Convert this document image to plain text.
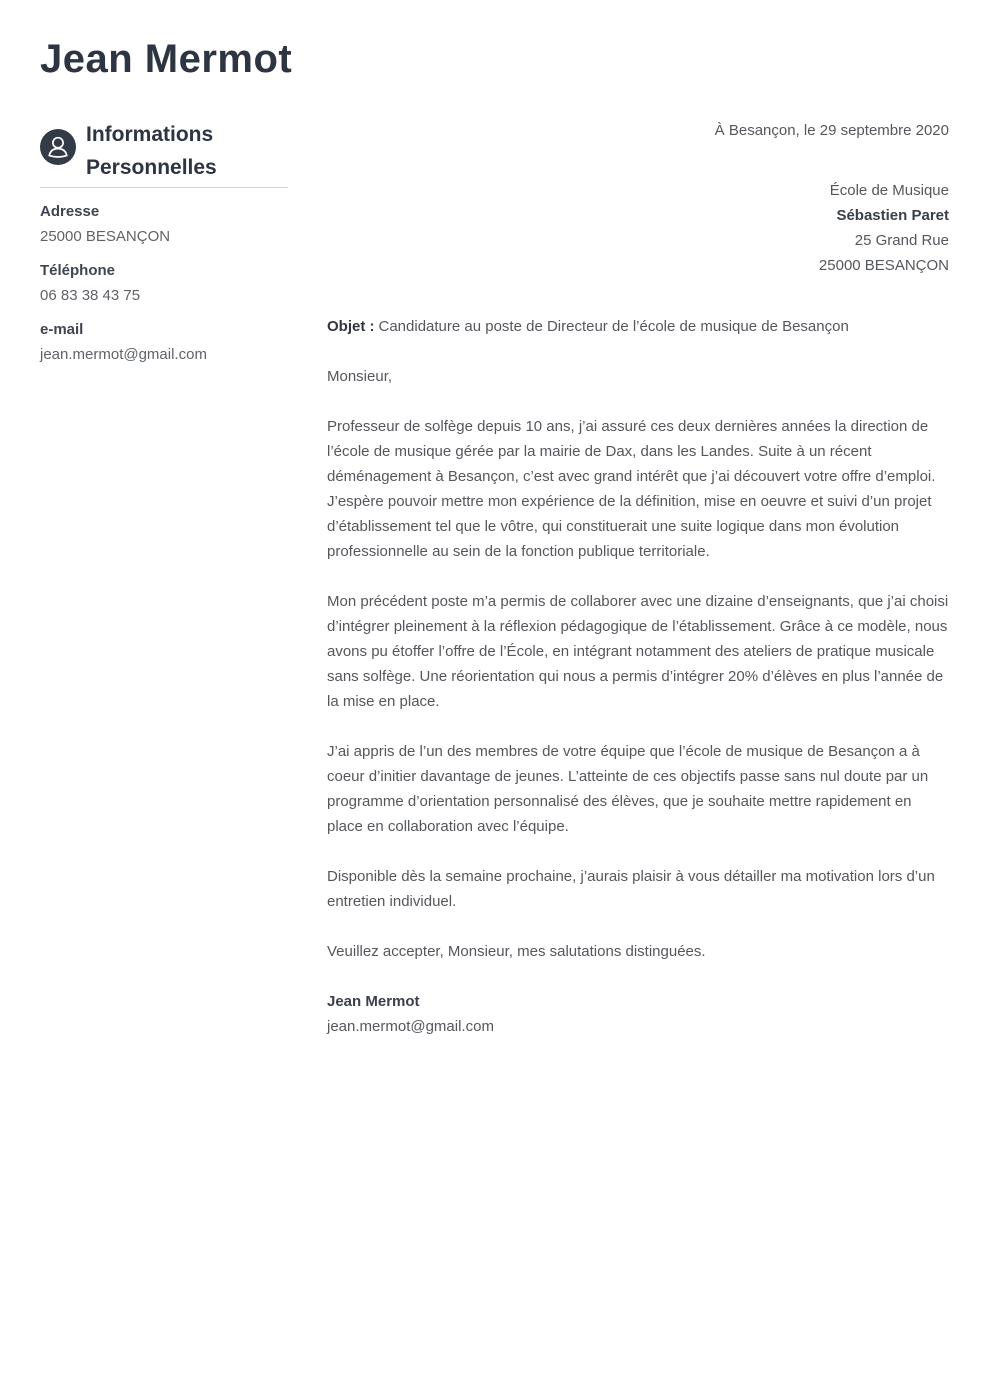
Jean Mermot
Informations Personnelles
Adresse
25000 BESANÇON
Téléphone
06 83 38 43 75
e-mail
jean.mermot@gmail.com
À Besançon, le 29 septembre 2020
École de Musique
Sébastien Paret
25 Grand Rue
25000 BESANÇON
Objet : Candidature au poste de Directeur de l’école de musique de Besançon
Monsieur,

Professeur de solfège depuis 10 ans, j’ai assuré ces deux dernières années la direction de l’école de musique gérée par la mairie de Dax, dans les Landes. Suite à un récent déménagement à Besançon, c’est avec grand intérêt que j’ai découvert votre offre d’emploi. J’espère pouvoir mettre mon expérience de la définition, mise en oeuvre et suivi d’un projet d’établissement tel que le vôtre, qui constituerait une suite logique dans mon évolution professionnelle au sein de la fonction publique territoriale.

Mon précédent poste m’a permis de collaborer avec une dizaine d’enseignants, que j’ai choisi d’intégrer pleinement à la réflexion pédagogique de l’établissement. Grâce à ce modèle, nous avons pu étoffer l’offre de l’École, en intégrant notamment des ateliers de pratique musicale sans solfège. Une réorientation qui nous a permis d’intégrer 20% d’élèves en plus l’année de la mise en place.

J’ai appris de l’un des membres de votre équipe que l’école de musique de Besançon a à coeur d’initier davantage de jeunes. L’atteinte de ces objectifs passe sans nul doute par un programme d’orientation personnalisé des élèves, que je souhaite mettre rapidement en place en collaboration avec l’équipe.

Disponible dès la semaine prochaine, j’aurais plaisir à vous détailler ma motivation lors d’un entretien individuel.

Veuillez accepter, Monsieur, mes salutations distinguées.
Jean Mermot
jean.mermot@gmail.com
